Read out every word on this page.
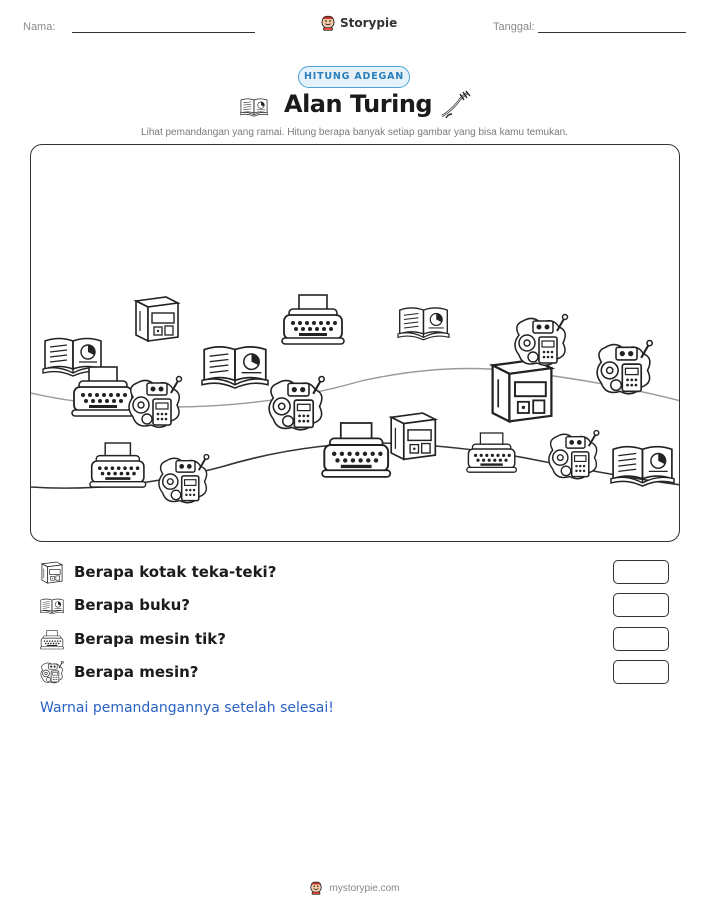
Nama:	Storypie	Tanggal:
HITUNG ADEGAN
Alan Turing
Lihat pemandangan yang ramai. Hitung berapa banyak setiap gambar yang bisa kamu temukan.
Berapa kotak teka-teki?
Berapa buku?
Berapa mesin tik?
Berapa mesin?
Warnai pemandangannya setelah selesai!
mystorypie.com
